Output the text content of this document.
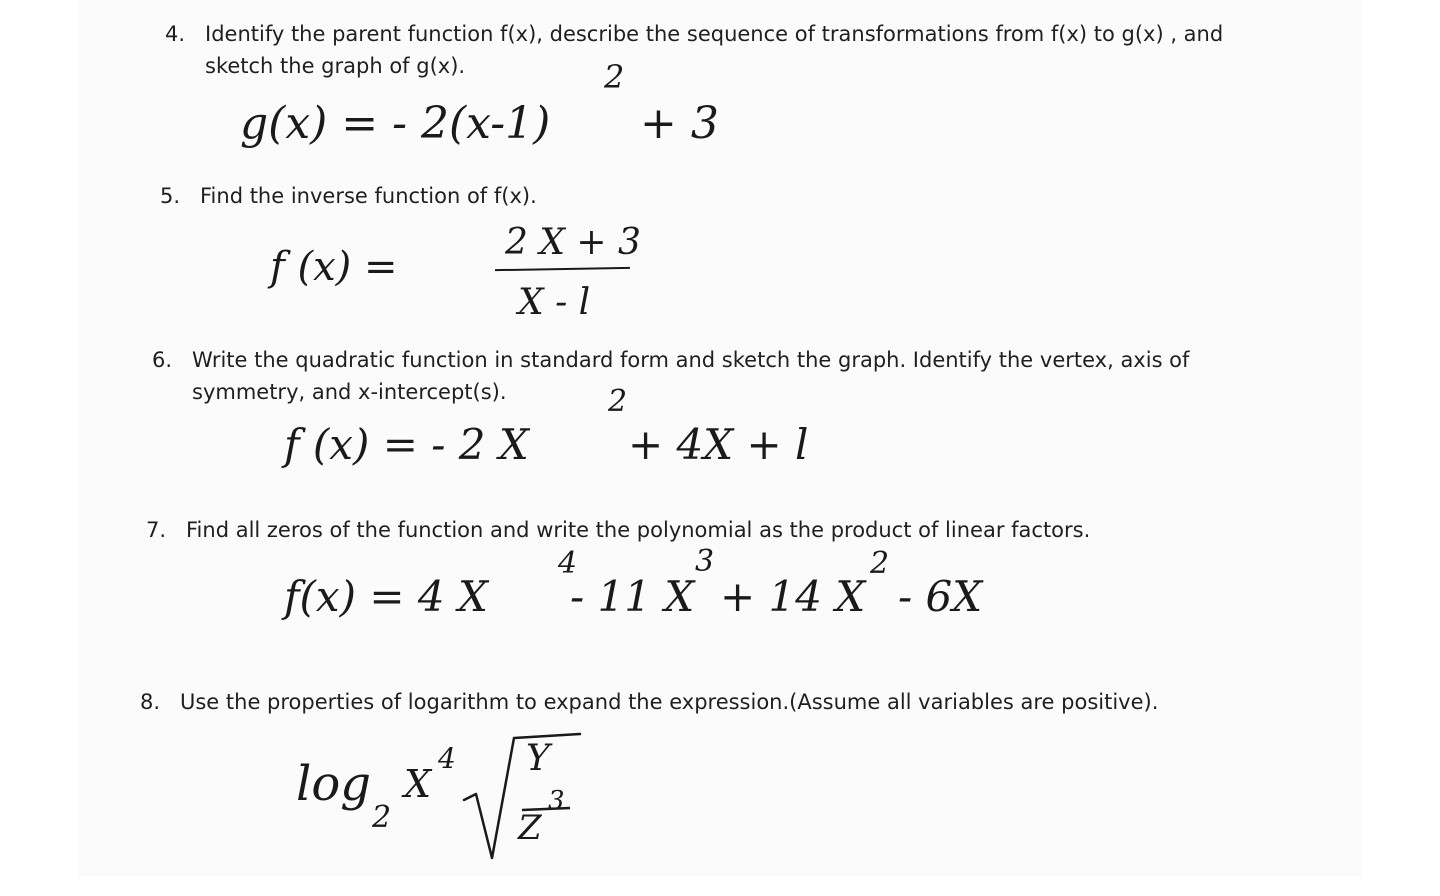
4. Identify the parent function f(x), describe the sequence of transformations from f(x) to g(x) , and
sketch the graph of g(x).
g(x) = - 2(x-1)
2
+ 3
5. Find the inverse function of f(x).
f (x) =
2 X + 3
X - l
6. Write the quadratic function in standard form and sketch the graph. Identify the vertex, axis of
symmetry, and x-intercept(s).
f (x) = - 2 X
2
+ 4X + l
7. Find all zeros of the function and write the polynomial as the product of linear factors.
f(x) = 4 X
4
- 11 X
3
+ 14 X
2
- 6X
8. Use the properties of logarithm to expand the expression.(Assume all variables are positive).
log
2
X
4 Y
Z
3
